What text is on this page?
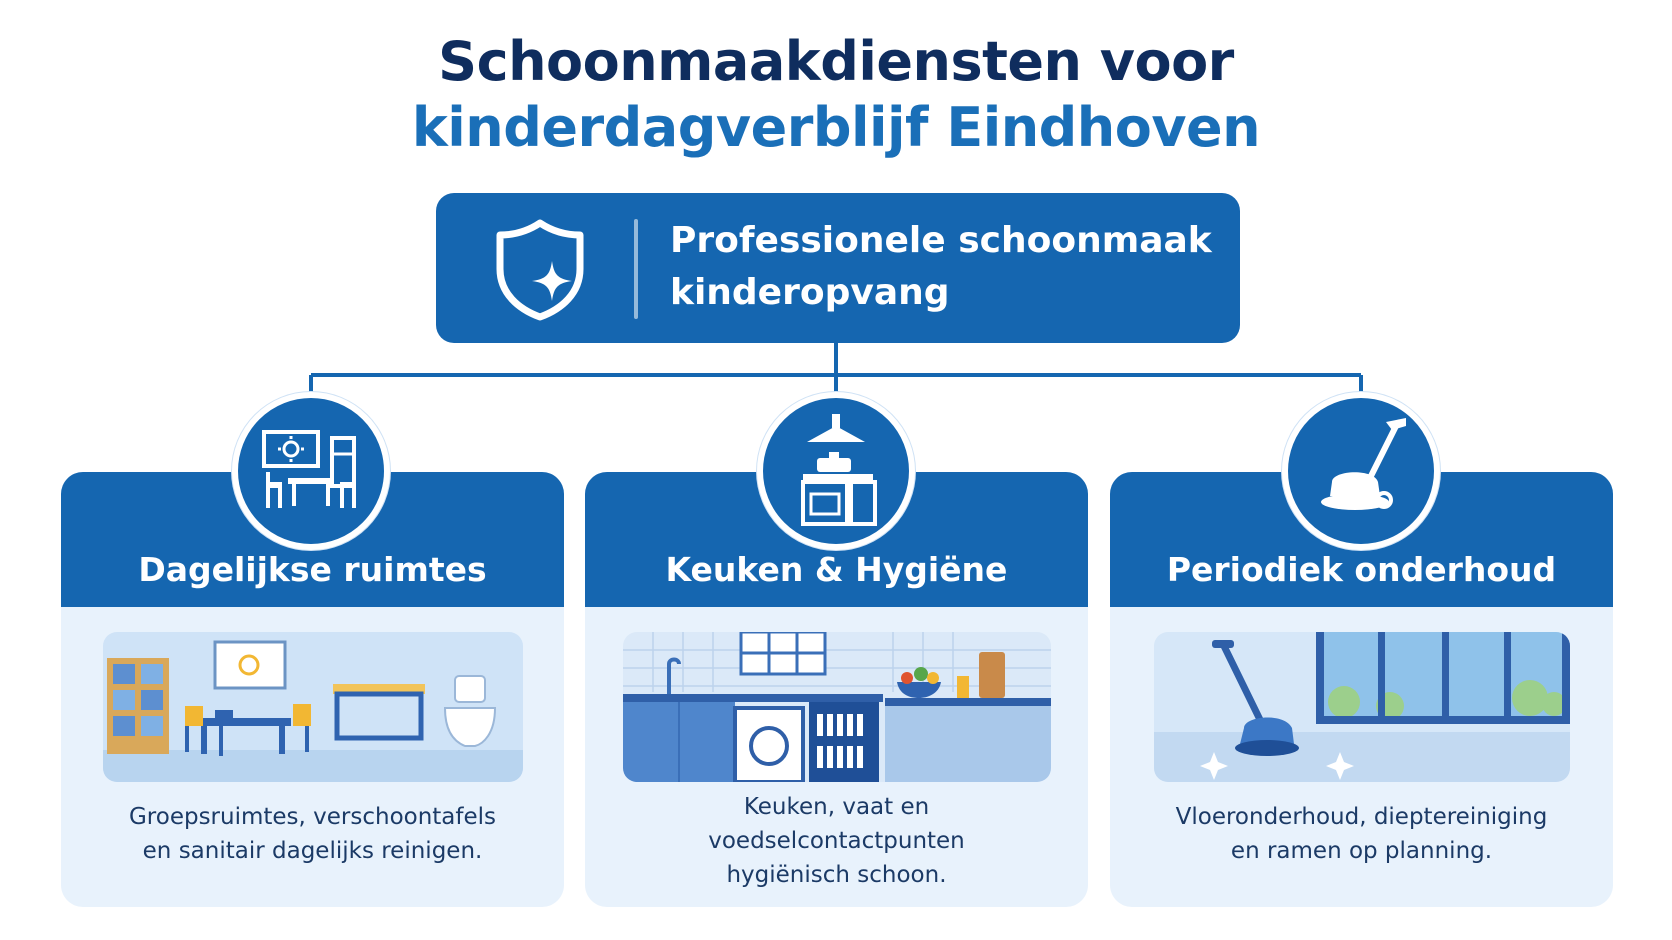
Schoonmaakdiensten voor
kinderdagverblijf Eindhoven
Professionele schoonmaak
kinderopvang
Dagelijkse ruimtes
Groepsruimtes, verschoontafels
en sanitair dagelijks reinigen.
Keuken & Hygiëne
Keuken, vaat en
voedselcontactpunten
hygiënisch schoon.
Periodiek onderhoud
Vloeronderhoud, dieptereiniging
en ramen op planning.
